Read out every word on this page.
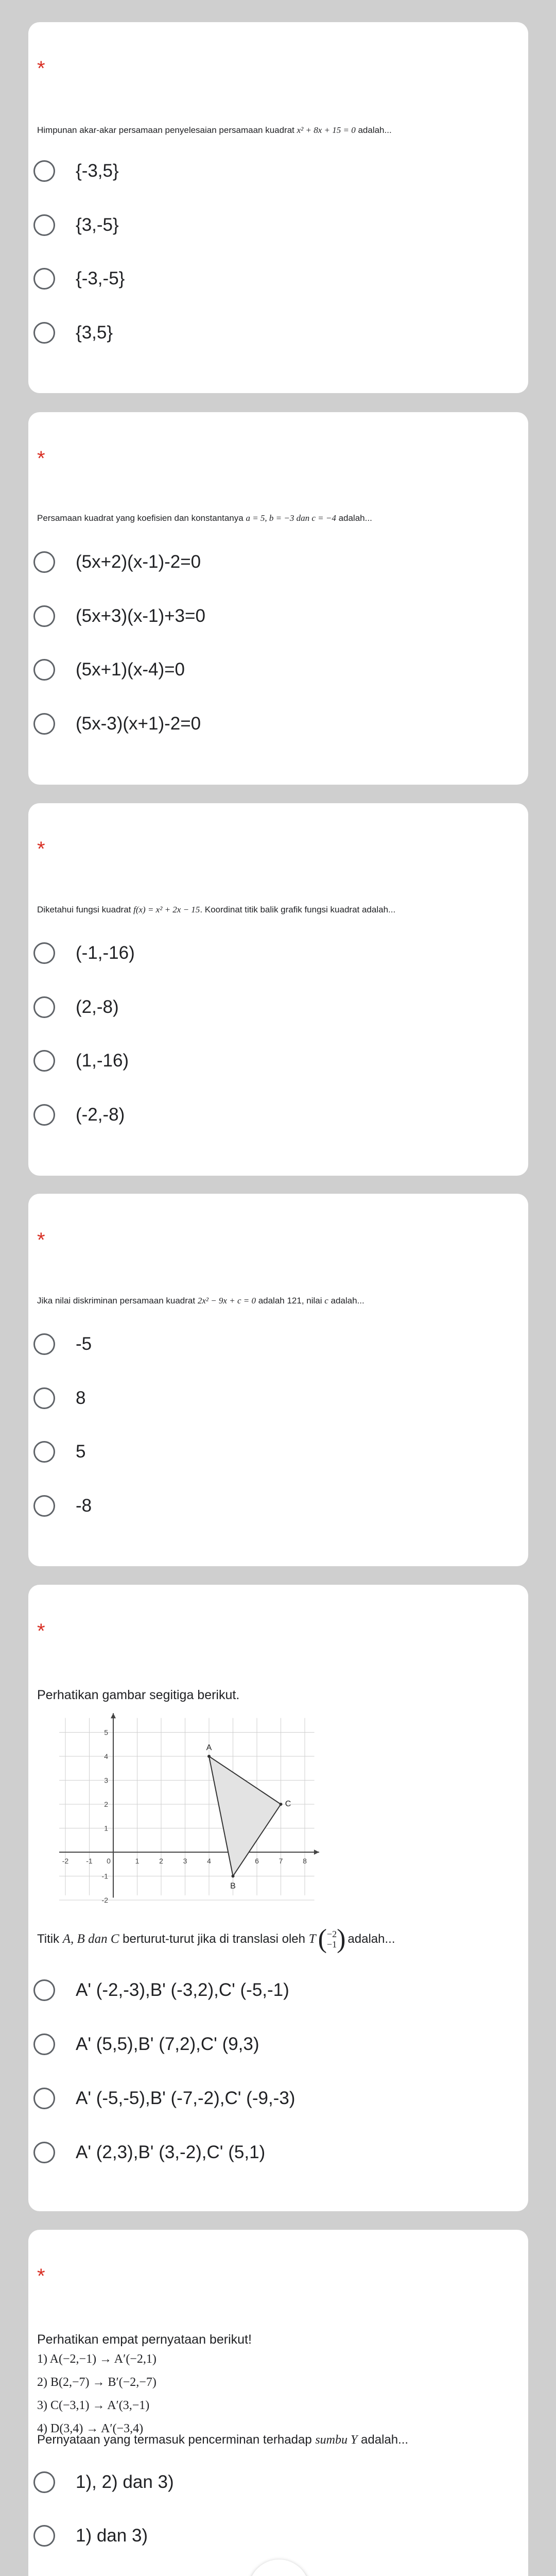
*
Himpunan akar-akar persamaan penyelesaian persamaan kuadrat x² + 8x + 15 = 0 adalah...
{-3,5}
{3,-5}
{-3,-5}
{3,5}
*
Persamaan kuadrat yang koefisien dan konstantanya a = 5, b = −3 dan c = −4 adalah...
(5x+2)(x-1)-2=0
(5x+3)(x-1)+3=0
(5x+1)(x-4)=0
(5x-3)(x+1)-2=0
*
Diketahui fungsi kuadrat f(x) = x² + 2x − 15. Koordinat titik balik grafik fungsi kuadrat adalah...
(-1,-16)
(2,-8)
(1,-16)
(-2,-8)
*
Jika nilai diskriminan persamaan kuadrat 2x² − 9x + c = 0 adalah 121, nilai c adalah...
-5
8
5
-8
*
Perhatikan gambar segitiga berikut.
-2 -1 0	1	2	3	4	6	7	8
5
4
3
2
1
-1
-2
A
B
C
Titik
A, B dan C
berturut-turut jika di translasi oleh
T ( −2
−1 ) adalah...
A' (-2,-3),B' (-3,2),C' (-5,-1)
A' (5,5),B' (7,2),C' (9,3)
A' (-5,-5),B' (-7,-2),C' (-9,-3)
A' (2,3),B' (3,-2),C' (5,1)
*
Perhatikan empat pernyataan berikut!
1) A(−2,−1) → A′(−2,1)
2) B(2,−7) → B′(−2,−7)
3) C(−3,1) → A′(3,−1)
4) D(3,4) → A′(−3,4)
Pernyataan yang termasuk pencerminan terhadap sumbu Y adalah...
1), 2) dan 3)
1) dan 3)
